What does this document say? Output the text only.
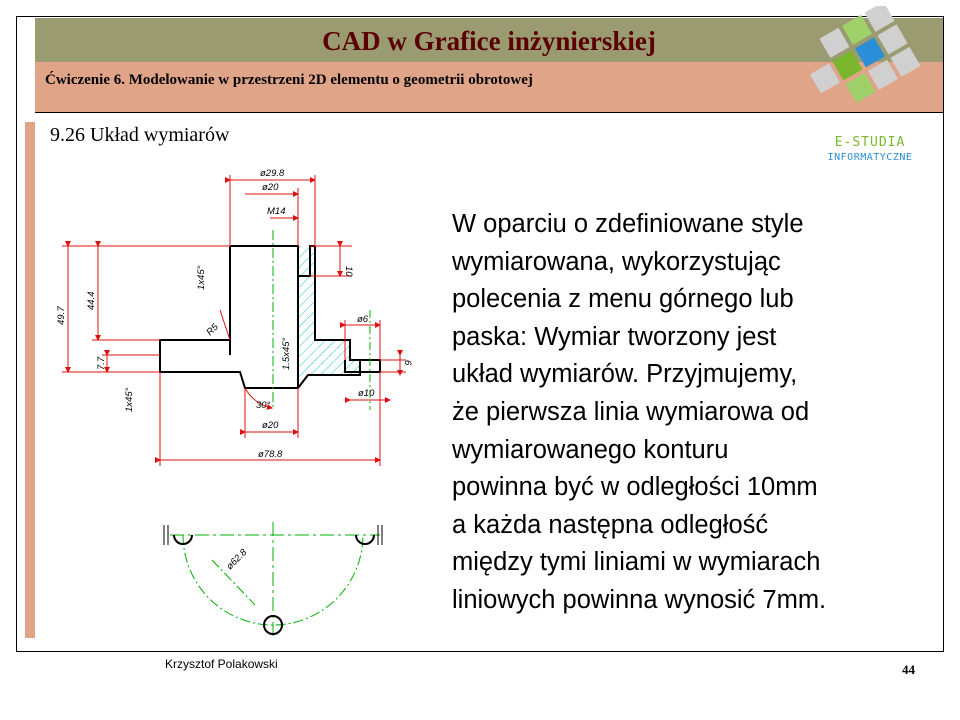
CAD w Grafice inżynierskiej
Ćwiczenie 6. Modelowanie w przestrzeni 2D elementu o geometrii obrotowej
9.26 Układ wymiarów	E-STUDIA
INFORMATYCZNE
ø29.8
ø20
M14
10
1x45°
R5
1.5x45°
ø6
6
49.7
44.4
7.7
1x45°	30°
ø10
ø20
ø78.8
ø62.8
W oparciu o zdefiniowane style
wymiarowana, wykorzystując
polecenia z menu górnego lub
paska: Wymiar tworzony jest
układ wymiarów. Przyjmujemy,
że pierwsza linia wymiarowa od
wymiarowanego konturu
powinna być w odległości 10mm
a każda następna odległość
między tymi liniami w wymiarach
liniowych powinna wynosić 7mm.
Krzysztof Polakowski	44
